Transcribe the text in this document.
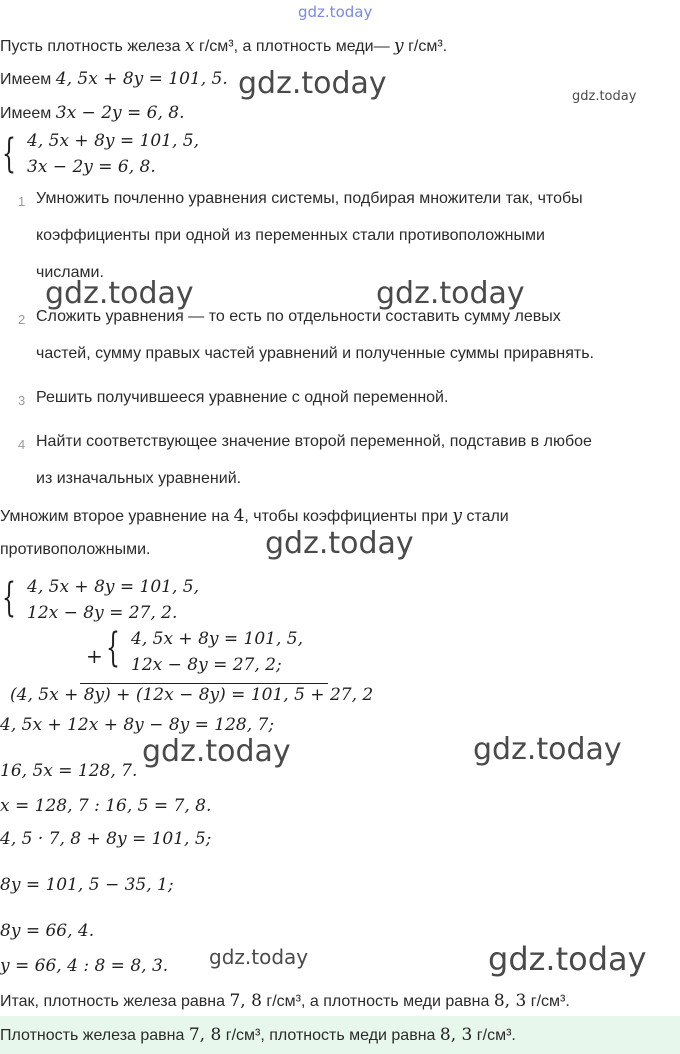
gdz.today
Пусть плотность железа x г/см³, а плотность меди— y г/см³.
Имеем 4, 5x + 8y = 101, 5. gdz.today	gdz.today
Имеем 3x − 2y = 6, 8.
{ 4, 5x + 8y = 101, 5,
3x − 2y = 6, 8.
1 Умножить почленно уравнения системы, подбирая множители так, чтобы
коэффициенты при одной из переменных стали противоположными
числами.
gdz.today	gdz.today
2 Сложить уравнения — то есть по отдельности составить сумму левых
частей, сумму правых частей уравнений и полученные суммы приравнять.
3 Решить получившееся уравнение с одной переменной.
4 Найти соответствующее значение второй переменной, подставив в любое
из изначальных уравнений.
Умножим второе уравнение на 4, чтобы коэффициенты при y стали
противоположными.	gdz.today
{ 4, 5x + 8y = 101, 5,
12x − 8y = 27, 2.
+ { 4, 5x + 8y = 101, 5,
12x − 8y = 27, 2;
(4, 5x + 8y) + (12x − 8y) = 101, 5 + 27, 2
4, 5x + 12x + 8y − 8y = 128, 7;
16, 5x = 128, 7.
gdz.today	gdz.today
x = 128, 7 : 16, 5 = 7, 8.
4, 5 · 7, 8 + 8y = 101, 5;
8y = 101, 5 − 35, 1;
8y = 66, 4.
y = 66, 4 : 8 = 8, 3. gdz.today	gdz.today
Итак, плотность железа равна 7, 8 г/см³, а плотность меди равна 8, 3 г/см³.
Плотность железа равна 7, 8 г/см³, плотность меди равна 8, 3 г/см³.
